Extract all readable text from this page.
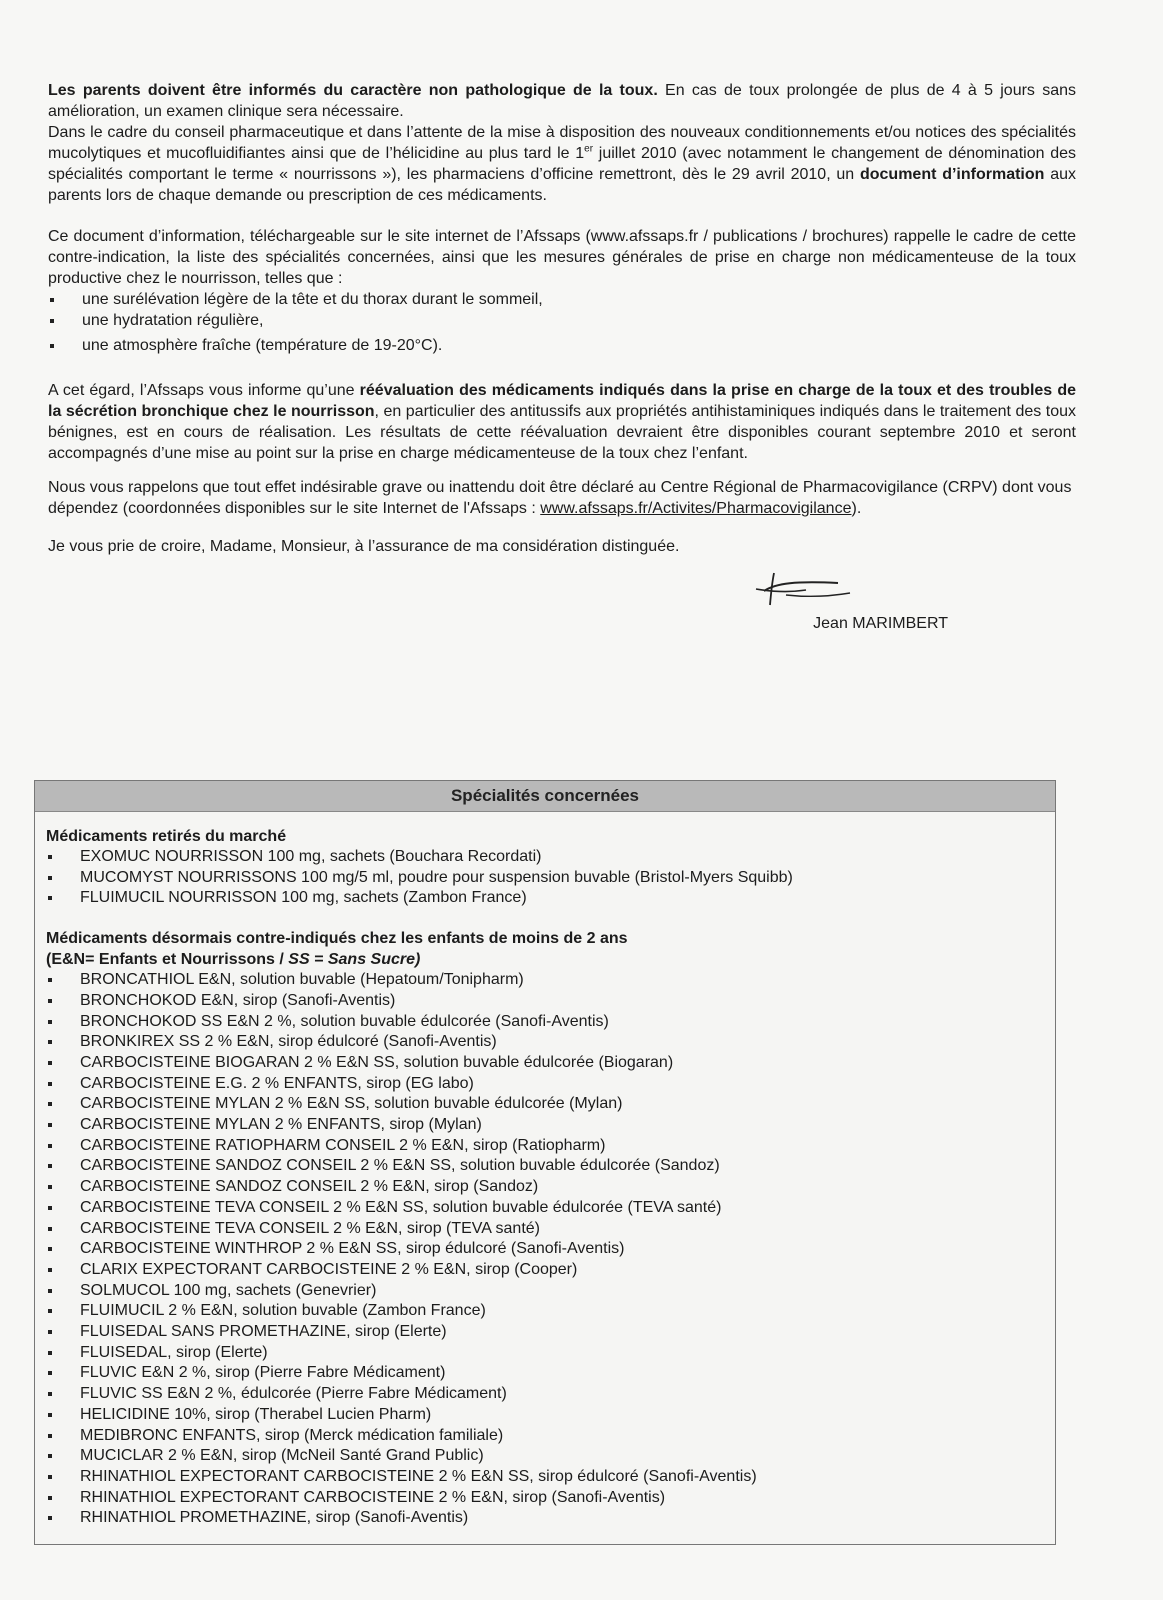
Les parents doivent être informés du caractère non pathologique de la toux. En cas de toux prolongée de plus de 4 à 5 jours sans amélioration, un examen clinique sera nécessaire.
Dans le cadre du conseil pharmaceutique et dans l’attente de la mise à disposition des nouveaux conditionnements et/ou notices des spécialités mucolytiques et mucofluidifiantes ainsi que de l’hélicidine au plus tard le 1er juillet 2010 (avec notamment le changement de dénomination des spécialités comportant le terme « nourrissons »), les pharmaciens d’officine remettront, dès le 29 avril 2010, un document d’information aux parents lors de chaque demande ou prescription de ces médicaments.

Ce document d’information, téléchargeable sur le site internet de l’Afssaps (www.afssaps.fr / publications / brochures) rappelle le cadre de cette contre-indication, la liste des spécialités concernées, ainsi que les mesures générales de prise en charge non médicamenteuse de la toux productive chez le nourrisson, telles que :

une surélévation légère de la tête et du thorax durant le sommeil,
une hydratation régulière,
une atmosphère fraîche (température de 19-20°C).

A cet égard, l’Afssaps vous informe qu’une réévaluation des médicaments indiqués dans la prise en charge de la toux et des troubles de la sécrétion bronchique chez le nourrisson, en particulier des antitussifs aux propriétés antihistaminiques indiqués dans le traitement des toux bénignes, est en cours de réalisation. Les résultats de cette réévaluation devraient être disponibles courant septembre 2010 et seront accompagnés d’une mise au point sur la prise en charge médicamenteuse de la toux chez l’enfant.

Nous vous rappelons que tout effet indésirable grave ou inattendu doit être déclaré au Centre Régional de Pharmacovigilance (CRPV) dont vous dépendez (coordonnées disponibles sur le site Internet de l'Afssaps : www.afssaps.fr/Activites/Pharmacovigilance).

Je vous prie de croire, Madame, Monsieur, à l’assurance de ma considération distinguée.

Jean MARIMBERT
Spécialités concernées
Médicaments retirés du marché
EXOMUC NOURRISSON 100 mg, sachets (Bouchara Recordati)
MUCOMYST NOURRISSONS 100 mg/5 ml, poudre pour suspension buvable (Bristol-Myers Squibb)
FLUIMUCIL NOURRISSON 100 mg, sachets (Zambon France)
Médicaments désormais contre-indiqués chez les enfants de moins de 2 ans
(E&N= Enfants et Nourrissons / SS = Sans Sucre)
BRONCATHIOL E&N, solution buvable (Hepatoum/Tonipharm)
BRONCHOKOD E&N, sirop (Sanofi-Aventis)
BRONCHOKOD SS E&N 2 %, solution buvable édulcorée (Sanofi-Aventis)
BRONKIREX SS 2 % E&N, sirop édulcoré (Sanofi-Aventis)
CARBOCISTEINE BIOGARAN 2 % E&N SS, solution buvable édulcorée (Biogaran)
CARBOCISTEINE E.G. 2 % ENFANTS, sirop (EG labo)
CARBOCISTEINE MYLAN 2 % E&N SS, solution buvable édulcorée (Mylan)
CARBOCISTEINE MYLAN 2 % ENFANTS, sirop (Mylan)
CARBOCISTEINE RATIOPHARM CONSEIL 2 % E&N, sirop (Ratiopharm)
CARBOCISTEINE SANDOZ CONSEIL 2 % E&N SS, solution buvable édulcorée (Sandoz)
CARBOCISTEINE SANDOZ CONSEIL 2 % E&N, sirop (Sandoz)
CARBOCISTEINE TEVA CONSEIL 2 % E&N SS, solution buvable édulcorée (TEVA santé)
CARBOCISTEINE TEVA CONSEIL 2 % E&N, sirop (TEVA santé)
CARBOCISTEINE WINTHROP 2 % E&N SS, sirop édulcoré (Sanofi-Aventis)
CLARIX EXPECTORANT CARBOCISTEINE 2 % E&N, sirop (Cooper)
SOLMUCOL 100 mg, sachets (Genevrier)
FLUIMUCIL 2 % E&N, solution buvable (Zambon France)
FLUISEDAL SANS PROMETHAZINE, sirop (Elerte)
FLUISEDAL, sirop (Elerte)
FLUVIC E&N 2 %, sirop (Pierre Fabre Médicament)
FLUVIC SS E&N 2 %, édulcorée (Pierre Fabre Médicament)
HELICIDINE 10%, sirop (Therabel Lucien Pharm)
MEDIBRONC ENFANTS, sirop (Merck médication familiale)
MUCICLAR 2 % E&N, sirop (McNeil Santé Grand Public)
RHINATHIOL EXPECTORANT CARBOCISTEINE 2 % E&N SS, sirop édulcoré (Sanofi-Aventis)
RHINATHIOL EXPECTORANT CARBOCISTEINE 2 % E&N, sirop (Sanofi-Aventis)
RHINATHIOL PROMETHAZINE, sirop (Sanofi-Aventis)
